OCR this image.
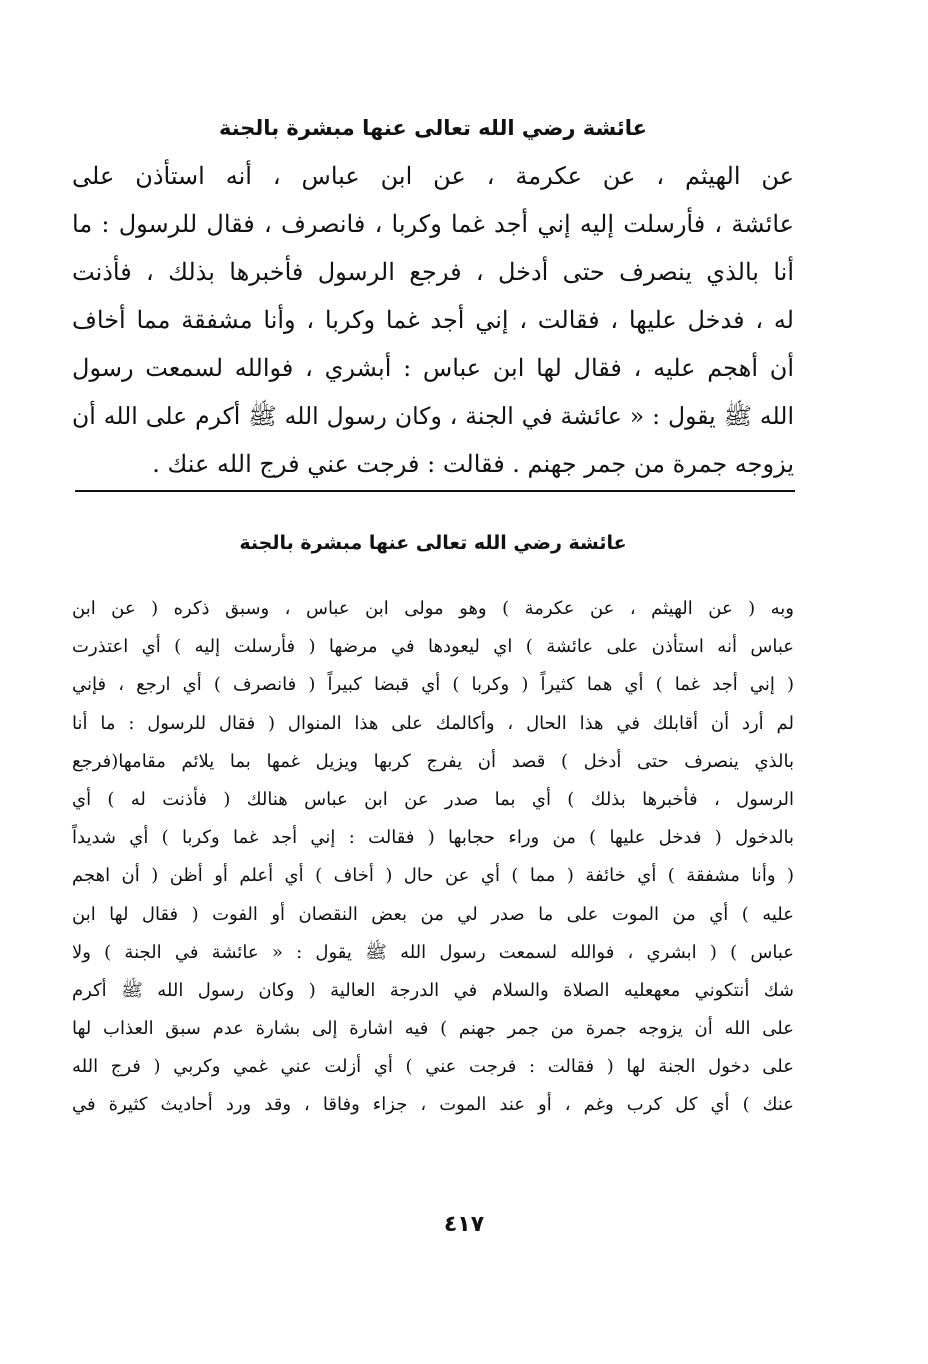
عائشة رضي الله تعالى عنها مبشرة بالجنة
عن الهيثم ، عن عكرمة ، عن ابن عباس ، أنه استأذن على
عائشة ، فأرسلت إليه إني أجد غما وكربا ، فانصرف ، فقال للرسول : ما
أنا بالذي ينصرف حتى أدخل ، فرجع الرسول فأخبرها بذلك ، فأذنت
له ، فدخل عليها ، فقالت ، إني أجد غما وكربا ، وأنا مشفقة مما أخاف
أن أهجم عليه ، فقال لها ابن عباس : أبشري ، فوالله لسمعت رسول
الله ﷺ يقول : « عائشة في الجنة ، وكان رسول الله ﷺ أكرم على الله أن
يزوجه جمرة من جمر جهنم . فقالت : فرجت عني فرج الله عنك .
عائشة رضي الله تعالى عنها مبشرة بالجنة
وبه ( عن الهيثم ، عن عكرمة ) وهو مولى ابن عباس ، وسبق ذكره ( عن ابن
عباس أنه استأذن على عائشة ) اي ليعودها في مرضها ( فأرسلت إليه ) أي اعتذرت
( إني أجد غما ) أي هما كثيراً ( وكربا ) أي قبضا كبيراً ( فانصرف ) أي ارجع ، فإني
لم أرد أن أقابلك في هذا الحال ، وأكالمك على هذا المنوال ( فقال للرسول : ما أنا
بالذي ينصرف حتى أدخل ) قصد أن يفرج كربها ويزيل غمها بما يلائم مقامها(فرجع
الرسول ، فأخبرها بذلك ) أي بما صدر عن ابن عباس هنالك ( فأذنت له ) أي
بالدخول ( فدخل عليها ) من وراء حجابها ( فقالت : إني أجد غما وكربا ) أي شديداً
( وأنا مشفقة ) أي خائفة ( مما ) أي عن حال ( أخاف ) أي أعلم أو أظن ( أن اهجم
عليه ) أي من الموت على ما صدر لي من بعض النقصان أو الفوت ( فقال لها ابن
عباس ) ( ابشري ، فوالله لسمعت رسول الله ﷺ يقول : « عائشة في الجنة ) ولا
شك أنتكوني معهعليه الصلاة والسلام في الدرجة العالية ( وكان رسول الله ﷺ أكرم
على الله أن يزوجه جمرة من جمر جهنم ) فيه اشارة إلى بشارة عدم سبق العذاب لها
على دخول الجنة لها ( فقالت : فرجت عني ) أي أزلت عني غمي وكربي ( فرج الله
عنك ) أي كل كرب وغم ، أو عند الموت ، جزاء وفاقا ، وقد ورد أحاديث كثيرة في
٤١٧
